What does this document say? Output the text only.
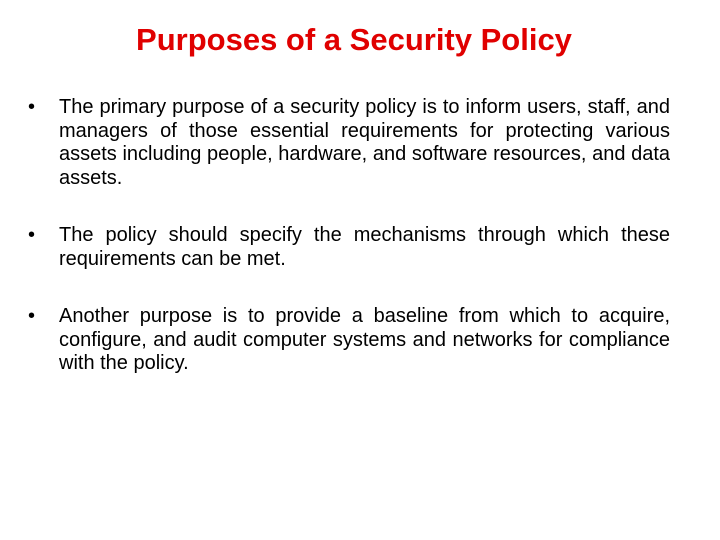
Purposes of a Security Policy
• The primary purpose of a security policy is to inform users, staff, and managers of those essential requirements for protecting various assets including people, hardware, and software resources, and data assets.
• The policy should specify the mechanisms through which these requirements can be met.
• Another purpose is to provide a baseline from which to acquire, configure, and audit computer systems and networks for compliance with the policy.
